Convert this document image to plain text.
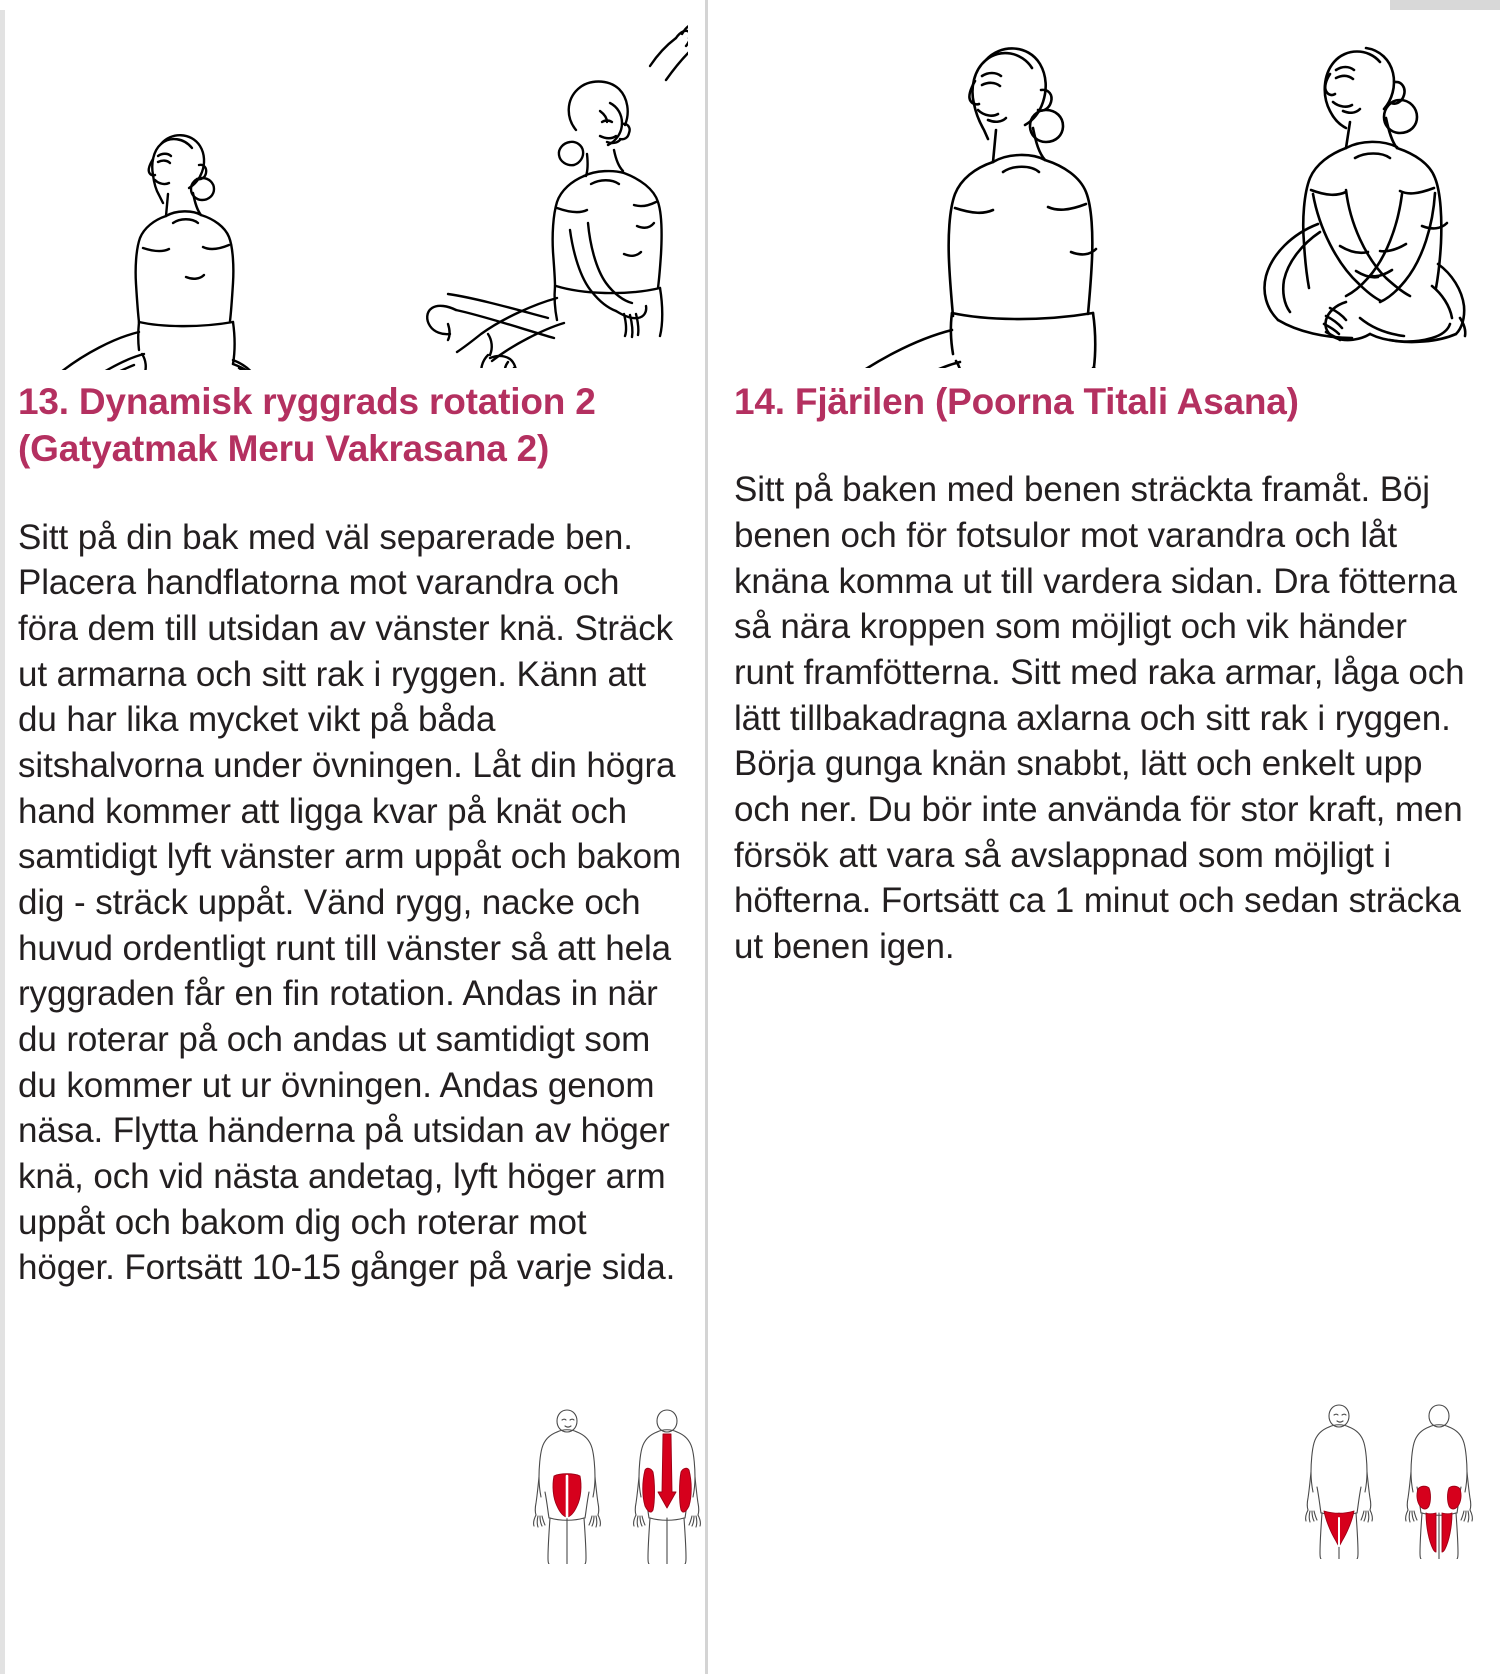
13. Dynamisk ryggrads rotation 2 (Gatyatmak Meru Vakrasana 2)

Sitt på din bak med väl separerade ben. Placera handflatorna mot varandra och föra dem till utsidan av vänster knä. Sträck ut armarna och sitt rak i ryggen. Känn att du har lika mycket vikt på båda sitshalvorna under övningen. Låt din högra hand kommer att ligga kvar på knät och samtidigt lyft vänster arm uppåt och bakom dig - sträck uppåt. Vänd rygg, nacke och huvud ordentligt runt till vänster så att hela ryggraden får en fin rotation. Andas in när du roterar på och andas ut samtidigt som du kommer ut ur övningen. Andas genom näsa. Flytta händerna på utsidan av höger knä, och vid nästa andetag, lyft höger arm uppåt och bakom dig och roterar mot höger. Fortsätt 10-15 gånger på varje sida.

14. Fjärilen (Poorna Titali Asana)

Sitt på baken med benen sträckta framåt. Böj benen och för fotsulor mot varandra och låt knäna komma ut till vardera sidan. Dra fötterna så nära kroppen som möjligt och vik händer runt framfötterna. Sitt med raka armar, låga och lätt tillbakadragna axlarna och sitt rak i ryggen. Börja gunga knän snabbt, lätt och enkelt upp och ner. Du bör inte använda för stor kraft, men försök att vara så avslappnad som möjligt i höfterna. Fortsätt ca 1 minut och sedan sträcka ut benen igen.
